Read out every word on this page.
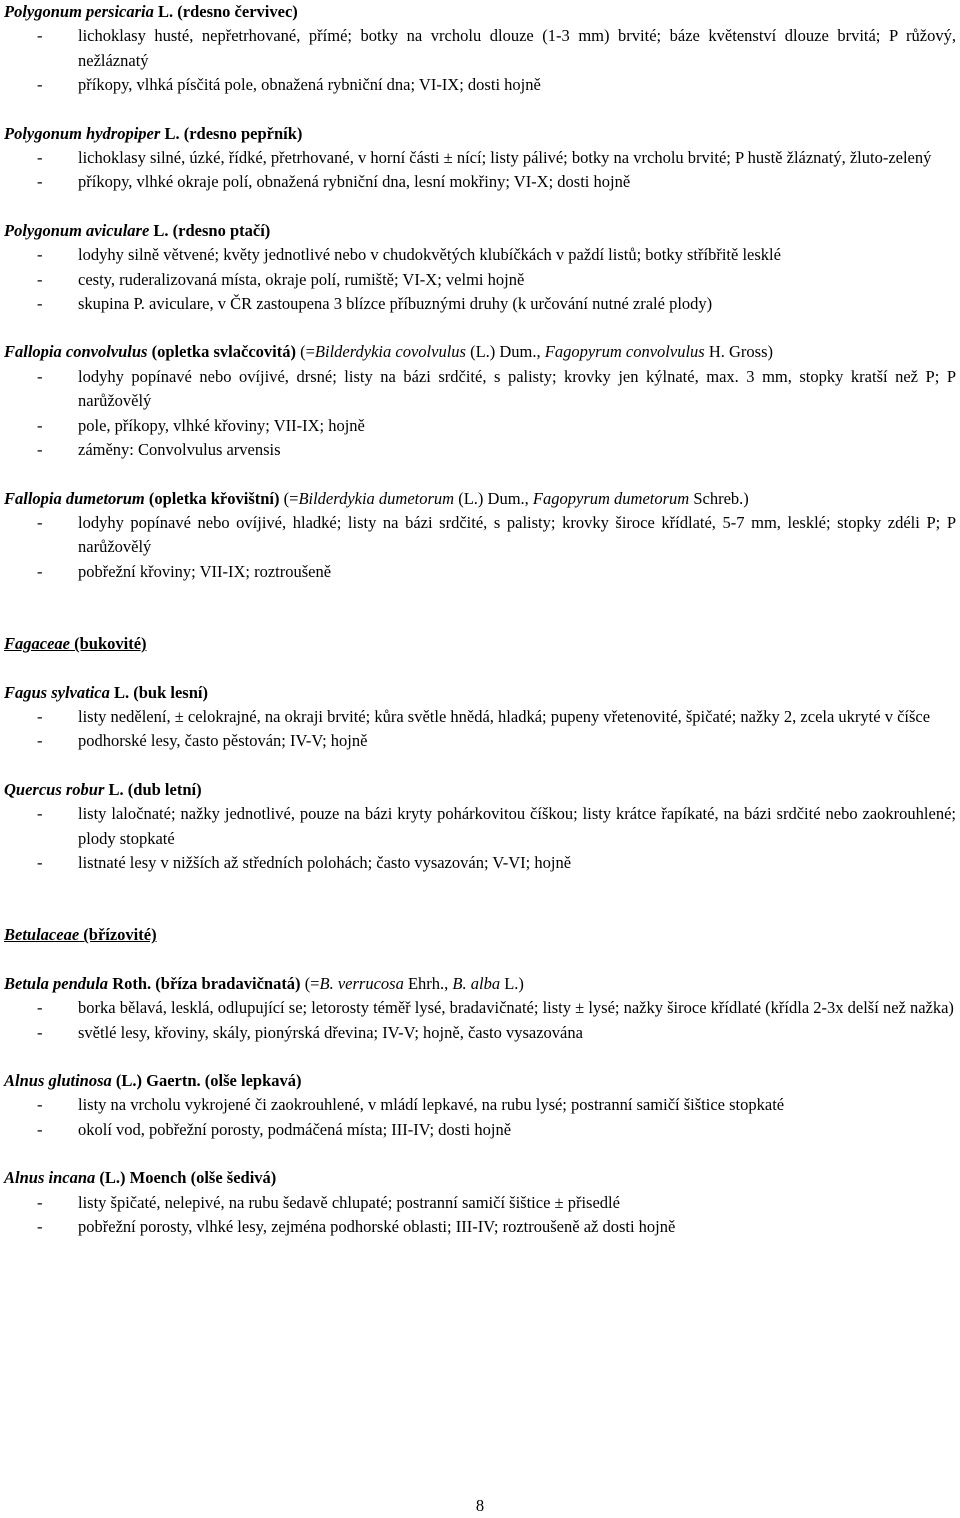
Polygonum persicaria L. (rdesno červivec)

-	lichoklasy husté, nepřetrhované, přímé; botky na vrcholu dlouze (1-3 mm) brvité; báze květenství dlouze brvitá; P růžový, nežláznatý
-	příkopy, vlhká písčitá pole, obnažená rybniční dna; VI-IX; dosti hojně

Polygonum hydropiper L. (rdesno pepřník)

-	lichoklasy silné, úzké, řídké, přetrhované, v horní části ± nící; listy pálivé; botky na vrcholu brvité; P hustě žláznatý, žluto-zelený
-	příkopy, vlhké okraje polí, obnažená rybniční dna, lesní mokřiny; VI-X; dosti hojně

Polygonum aviculare L. (rdesno ptačí)

-	lodyhy silně větvené; květy jednotlivé nebo v chudokvětých klubíčkách v paždí listů; botky stříbřitě lesklé
-	cesty, ruderalizovaná místa, okraje polí, rumiště; VI-X; velmi hojně
-	skupina P. aviculare, v ČR zastoupena 3 blízce příbuznými druhy (k určování nutné zralé plody)

Fallopia convolvulus (opletka svlačcovitá) (=Bilderdykia covolvulus (L.) Dum., Fagopyrum convolvulus H. Gross)

-	lodyhy popínavé nebo ovíjivé, drsné; listy na bázi srdčité, s palisty; krovky jen kýlnaté, max. 3 mm, stopky kratší než P; P narůžovělý
-	pole, příkopy, vlhké křoviny; VII-IX; hojně
-	záměny: Convolvulus arvensis

Fallopia dumetorum (opletka křovištní) (=Bilderdykia dumetorum (L.) Dum., Fagopyrum dumetorum Schreb.)

-	lodyhy popínavé nebo ovíjivé, hladké; listy na bázi srdčité, s palisty; krovky široce křídlaté, 5-7 mm, lesklé; stopky zdéli P; P narůžovělý
-	pobřežní křoviny; VII-IX; roztroušeně

Fagaceae (bukovité)

Fagus sylvatica L. (buk lesní)

-	listy nedělení, ± celokrajné, na okraji brvité; kůra světle hnědá, hladká; pupeny vřetenovité, špičaté; nažky 2, zcela ukryté v číšce
-	podhorské lesy, často pěstován; IV-V; hojně

Quercus robur L. (dub letní)

-	listy laločnaté; nažky jednotlivé, pouze na bázi kryty pohárkovitou číškou; listy krátce řapíkaté, na bázi srdčité nebo zaokrouhlené; plody stopkaté
-	listnaté lesy v nižších až středních polohách; často vysazován; V-VI; hojně

Betulaceae (břízovité)

Betula pendula Roth. (bříza bradavičnatá) (=B. verrucosa Ehrh., B. alba L.)

-	borka bělavá, lesklá, odlupující se; letorosty téměř lysé, bradavičnaté; listy ± lysé; nažky široce křídlaté (křídla 2-3x delší než nažka)
-	světlé lesy, křoviny, skály, pionýrská dřevina; IV-V; hojně, často vysazována

Alnus glutinosa (L.) Gaertn. (olše lepkavá)

-	listy na vrcholu vykrojené či zaokrouhlené, v mládí lepkavé, na rubu lysé; postranní samičí šištice stopkaté
-	okolí vod, pobřežní porosty, podmáčená místa; III-IV; dosti hojně

Alnus incana (L.) Moench (olše šedivá)

-	listy špičaté, nelepivé, na rubu šedavě chlupaté; postranní samičí šištice ± přisedlé
-	pobřežní porosty, vlhké lesy, zejména podhorské oblasti; III-IV; roztroušeně až dosti hojně
8
